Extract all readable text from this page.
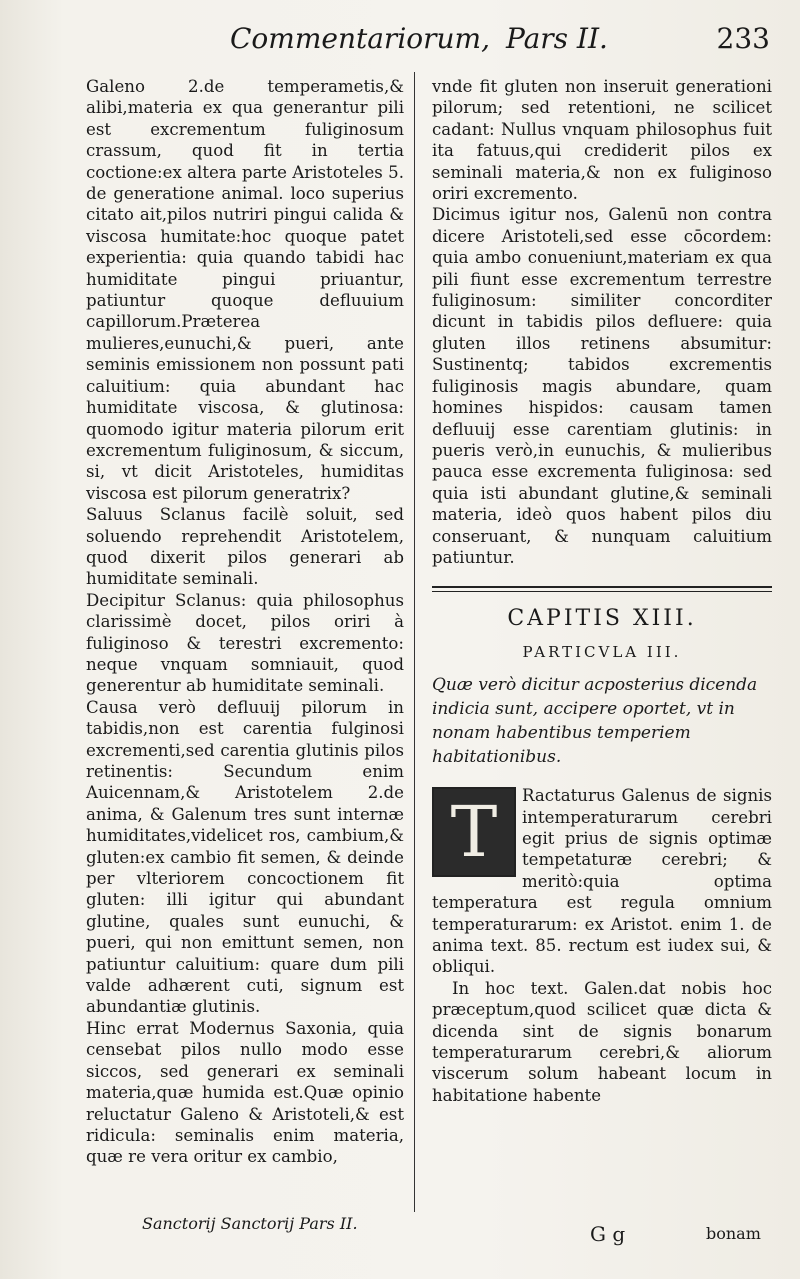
Commentariorum, Pars II.	233

Galeno 2.de temperametis,& alibi,materia ex qua generantur pili est excrementum fuliginosum crassum, quod fit in tertia coctione:ex altera parte Aristoteles 5. de generatione animal. loco superius citato ait,pilos nutriri pingui calida & viscosa humitate:hoc quoque patet experientia: quia quando tabidi hac humiditate pingui priuantur, patiuntur quoque defluuium capillorum.Præterea mulieres,eunuchi,& pueri, ante seminis emissionem non possunt pati caluitium: quia abundant hac humiditate viscosa, & glutinosa: quomodo igitur materia pilorum erit excrementum fuliginosum, & siccum, si, vt dicit Aristoteles, humiditas viscosa est pilorum generatrix?

Saluus Sclanus facilè soluit, sed soluendo reprehendit Aristotelem, quod dixerit pilos generari ab humiditate seminali.

Decipitur Sclanus: quia philosophus clarissimè docet, pilos oriri à fuliginoso & terestri excremento: neque vnquam somniauit, quod generentur ab humiditate seminali.

Causa verò defluuij pilorum in tabidis,non est carentia fulginosi excrementi,sed carentia glutinis pilos retinentis: Secundum enim Auicennam,& Aristotelem 2.de anima, & Galenum tres sunt internæ humiditates,videlicet ros, cambium,& gluten:ex cambio fit semen, & deinde per vlteriorem concoctionem fit gluten: illi igitur qui abundant glutine, quales sunt eunuchi, & pueri, qui non emittunt semen, non patiuntur caluitium: quare dum pili valde adhærent cuti, signum est abundantiæ glutinis.

Hinc errat Modernus Saxonia, quia censebat pilos nullo modo esse siccos, sed generari ex seminali materia,quæ humida est.Quæ opinio reluctatur Galeno & Aristoteli,& est ridicula: seminalis enim materia, quæ re vera oritur ex cambio,

vnde fit gluten non inseruit generationi pilorum; sed retentioni, ne scilicet cadant: Nullus vnquam philosophus fuit ita fatuus,qui crediderit pilos ex seminali materia,& non ex fuliginoso oriri excremento.

Dicimus igitur nos, Galenū non contra dicere Aristoteli,sed esse cōcordem: quia ambo conueniunt,materiam ex qua pili fiunt esse excrementum terrestre fuliginosum: similiter concorditer dicunt in tabidis pilos defluere: quia gluten illos retinens absumitur: Sustinentq; tabidos excrementis fuliginosis magis abundare, quam homines hispidos: causam tamen defluuij esse carentiam glutinis: in pueris verò,in eunuchis, & mulieribus pauca esse excrementa fuliginosa: sed quia isti abundant glutine,& seminali materia, ideò quos habent pilos diu conseruant, & nunquam caluitium patiuntur.

CAPITIS XIII.
PARTICVLA III.

Quæ verò dicitur acposterius dicenda indicia sunt, accipere oportet, vt in nonam habentibus temperiem habitationibus.

T	Ractaturus Galenus de signis intemperaturarum cerebri egit prius de signis optimæ tempetaturæ cerebri; & meritò:quia optima temperatura est regula omnium temperaturarum: ex Aristot. enim 1. de anima text. 85. rectum est iudex sui, & obliqui.

In hoc text. Galen.dat nobis hoc præceptum,quod scilicet quæ dicta & dicenda sint de signis bonarum temperaturarum cerebri,& aliorum viscerum solum habeant locum in habitatione habente

Sanctorij Sanctorij Pars II.	G g	bonam
